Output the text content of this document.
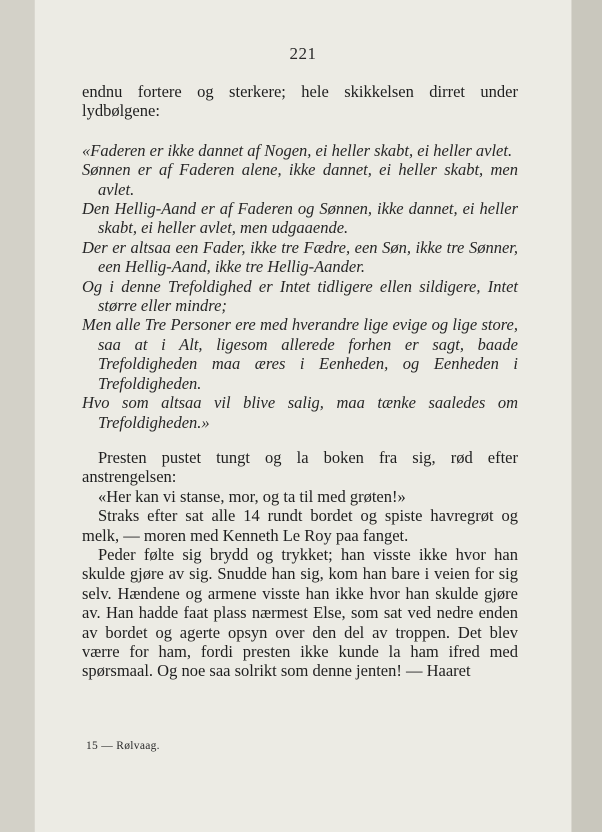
221

endnu fortere og sterkere; hele skikkelsen dirret under lydbølgene:

«Faderen er ikke dannet af Nogen, ei heller skabt, ei heller avlet.

Sønnen er af Faderen alene, ikke dannet, ei heller skabt, men avlet.

Den Hellig-Aand er af Faderen og Sønnen, ikke dannet, ei heller skabt, ei heller avlet, men udgaaende.

Der er altsaa een Fader, ikke tre Fædre, een Søn, ikke tre Sønner, een Hellig-Aand, ikke tre Hellig-Aander.

Og i denne Trefoldighed er Intet tidligere ellen sildigere, Intet større eller mindre;

Men alle Tre Personer ere med hverandre lige evige og lige store, saa at i Alt, ligesom allerede forhen er sagt, baade Trefoldigheden maa æres i Eenheden, og Eenheden i Trefoldigheden.

Hvo som altsaa vil blive salig, maa tænke saaledes om Trefoldigheden.»

Presten pustet tungt og la boken fra sig, rød efter anstrengelsen:

«Her kan vi stanse, mor, og ta til med grøten!»

Straks efter sat alle 14 rundt bordet og spiste havregrøt og melk, — moren med Kenneth Le Roy paa fanget.

Peder følte sig brydd og trykket; han visste ikke hvor han skulde gjøre av sig. Snudde han sig, kom han bare i veien for sig selv. Hændene og armene visste han ikke hvor han skulde gjøre av. Han hadde faat plass nærmest Else, som sat ved nedre enden av bordet og agerte opsyn over den del av troppen. Det blev værre for ham, fordi presten ikke kunde la ham ifred med spørsmaal. Og noe saa solrikt som denne jenten! — Haaret

15 — Rølvaag.
